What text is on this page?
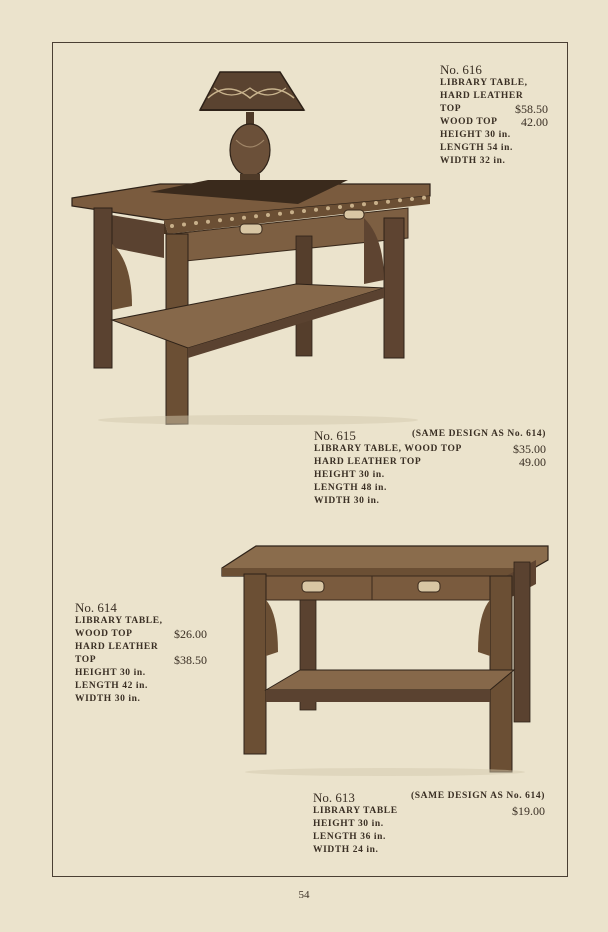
No. 616
LIBRARY TABLE,
HARD LEATHER
TOP	$58.50
WOOD TOP 42.00
HEIGHT 30 in.
LENGTH 54 in.
WIDTH 32 in.
No. 615	(SAME DESIGN AS No. 614)
LIBRARY TABLE, WOOD TOP	$35.00
HARD LEATHER TOP	49.00
HEIGHT 30 in.
LENGTH 48 in.
WIDTH 30 in.
No. 614
LIBRARY TABLE,
WOOD TOP	$26.00
HARD LEATHER
TOP	$38.50
HEIGHT 30 in.
LENGTH 42 in.
WIDTH 30 in.
No. 613	(SAME DESIGN AS No. 614)
LIBRARY TABLE	$19.00
HEIGHT 30 in.
LENGTH 36 in.
WIDTH 24 in.
54
